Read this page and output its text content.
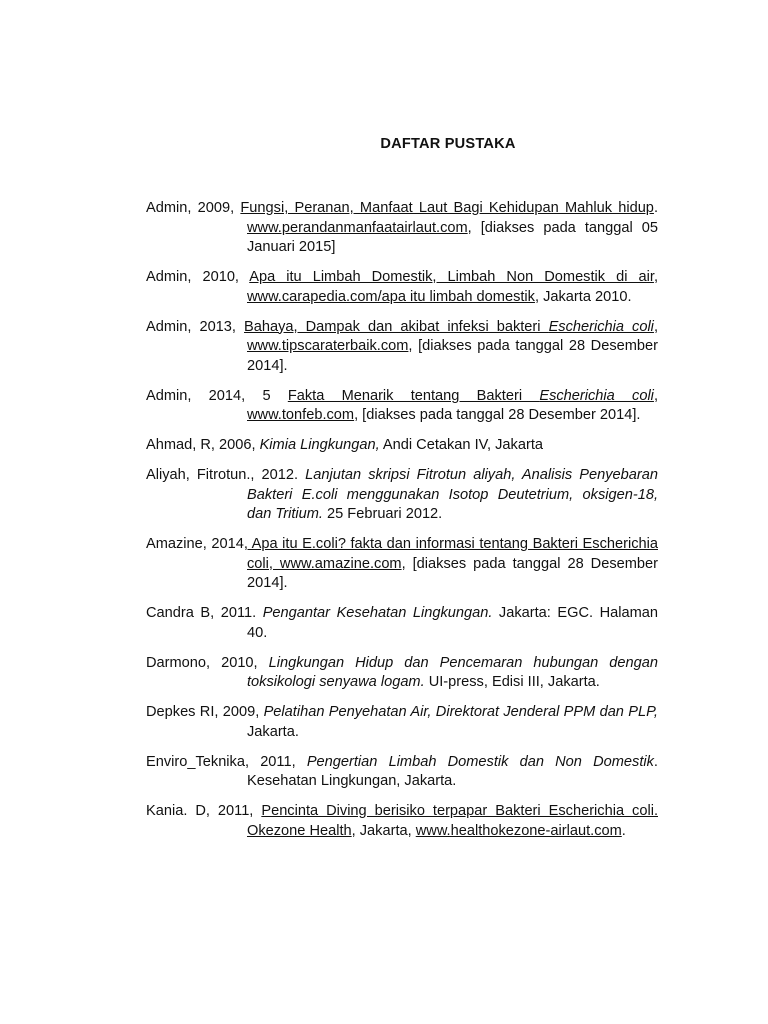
DAFTAR PUSTAKA

Admin, 2009, Fungsi, Peranan, Manfaat Laut Bagi Kehidupan Mahluk hidup. www.perandanmanfaatairlaut.com, [diakses pada tanggal 05 Januari 2015]

Admin, 2010, Apa itu Limbah Domestik, Limbah Non Domestik di air, www.carapedia.com/apa itu limbah domestik, Jakarta 2010.

Admin, 2013, Bahaya, Dampak dan akibat infeksi bakteri Escherichia coli, www.tipscaraterbaik.com, [diakses pada tanggal 28 Desember 2014].

Admin, 2014, 5 Fakta Menarik tentang Bakteri Escherichia coli, www.tonfeb.com, [diakses pada tanggal 28 Desember 2014].

Ahmad, R, 2006, Kimia Lingkungan, Andi Cetakan IV, Jakarta

Aliyah, Fitrotun., 2012. Lanjutan skripsi Fitrotun aliyah, Analisis Penyebaran Bakteri E.coli menggunakan Isotop Deutetrium, oksigen-18, dan Tritium. 25 Februari 2012.

Amazine, 2014, Apa itu E.coli? fakta dan informasi tentang Bakteri Escherichia coli, www.amazine.com, [diakses pada tanggal 28 Desember 2014].

Candra B, 2011. Pengantar Kesehatan Lingkungan. Jakarta: EGC. Halaman 40.

Darmono, 2010, Lingkungan Hidup dan Pencemaran hubungan dengan toksikologi senyawa logam. UI-press, Edisi III, Jakarta.

Depkes RI, 2009, Pelatihan Penyehatan Air, Direktorat Jenderal PPM dan PLP, Jakarta.

Enviro_Teknika, 2011, Pengertian Limbah Domestik dan Non Domestik. Kesehatan Lingkungan, Jakarta.

Kania. D, 2011, Pencinta Diving berisiko terpapar Bakteri Escherichia coli. Okezone Health, Jakarta, www.healthokezone-airlaut.com.
